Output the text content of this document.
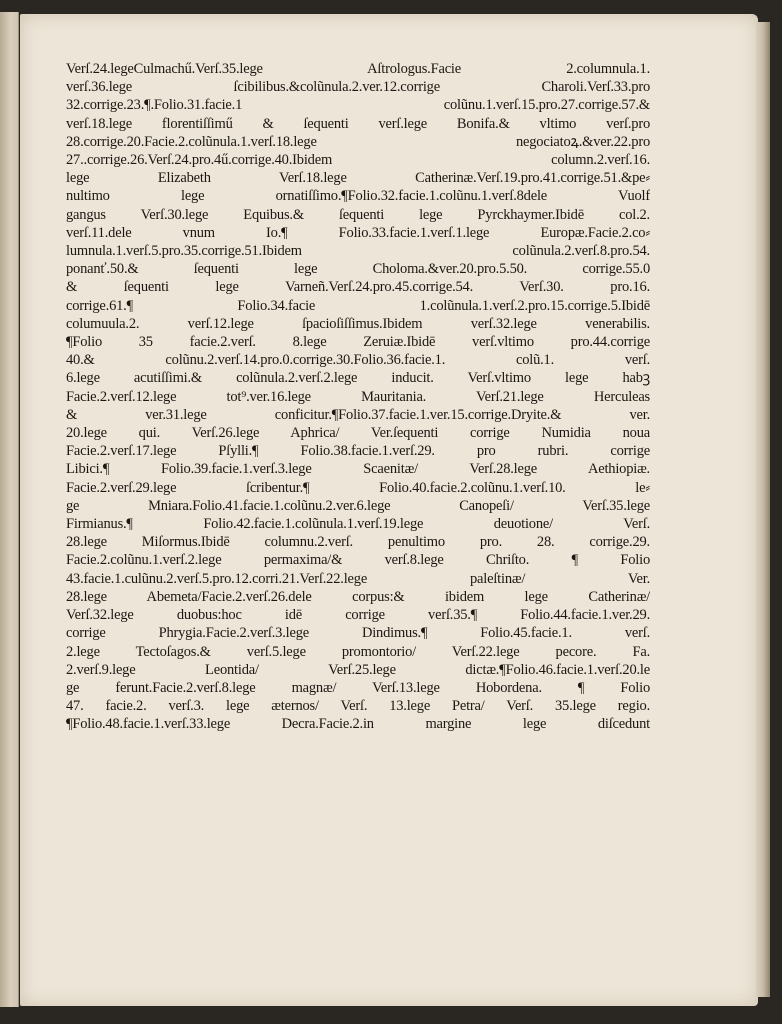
Verſ.24.legeCulmachű.Verſ.35.lege Aſtrologus.Facie 2.columnula.1.
verſ.36.lege ſcibilibus.&colũnula.2.ver.12.corrige Charoli.Verſ.33.pro
32.corrige.23.¶.Folio.31.facie.1 colũnu.1.verſ.15.pro.27.corrige.57.&
verſ.18.lege florentiſſimű & ſequenti verſ.lege Bonifa.& vltimo verſ.pro
28.corrige.20.Facie.2.colũnula.1.verſ.18.lege negociatoꝝ.&ver.22.pro
27..corrige.26.Verſ.24.pro.4ű.corrige.40.Ibidem column.2.verſ.16.
lege Elizabeth Verſ.18.lege Catherinæ.Verſ.19.pro.41.corrige.51.&pe⸗
nultimo lege ornatiſſimo.¶Folio.32.facie.1.colũnu.1.verſ.8dele Vuolf
gangus Verſ.30.lege Equibus.& ſequenti lege Pyrckhaymer.Ibidē col.2.
verſ.11.dele vnum Io.¶ Folio.33.facie.1.verſ.1.lege Europæ.Facie.2.co⸗
lumnula.1.verſ.5.pro.35.corrige.51.Ibidem colũnula.2.verſ.8.pro.54.
ponanť.50.& ſequenti lege Choloma.&ver.20.pro.5.50. corrige.55.0
& ſequenti lege Varneñ.Verſ.24.pro.45.corrige.54. Verſ.30. pro.16.
corrige.61.¶ Folio.34.facie 1.colũnula.1.verſ.2.pro.15.corrige.5.Ibidē
columuula.2. verſ.12.lege ſpacioſiſſimus.Ibidem verſ.32.lege venerabilis.
¶Folio 35 facie.2.verſ. 8.lege Zeruiæ.Ibidē verſ.vltimo pro.44.corrige
40.& colũnu.2.verſ.14.pro.0.corrige.30.Folio.36.facie.1. colũ.1. verſ.
6.lege acutiſſimi.& colũnula.2.verſ.2.lege inducit. Verſ.vltimo lege habꝫ
Facie.2.verſ.12.lege tot⁹.ver.16.lege Mauritania. Verſ.21.lege Herculeas
& ver.31.lege conficitur.¶Folio.37.facie.1.ver.15.corrige.Dryite.& ver.
20.lege qui. Verſ.26.lege Aphrica/ Ver.ſequenti corrige Numidia noua
Facie.2.verſ.17.lege Pſylli.¶ Folio.38.facie.1.verſ.29. pro rubri. corrige
Libici.¶ Folio.39.facie.1.verſ.3.lege Scaenitæ/ Verſ.28.lege Aethiopiæ.
Facie.2.verſ.29.lege ſcribentur.¶ Folio.40.facie.2.colũnu.1.verſ.10. le⸗
ge Mniara.Folio.41.facie.1.colũnu.2.ver.6.lege Canopeſi/ Verſ.35.lege
Firmianus.¶ Folio.42.facie.1.colũnula.1.verſ.19.lege deuotione/ Verſ.
28.lege Miſormus.Ibidē columnu.2.verſ. penultimo pro. 28. corrige.29.
Facie.2.colũnu.1.verſ.2.lege permaxima/& verſ.8.lege Chriſto. ¶ Folio
43.facie.1.culũnu.2.verſ.5.pro.12.corri.21.Verſ.22.lege paleſtinæ/ Ver.
28.lege Abemeta/Facie.2.verſ.26.dele corpus:& ibidem lege Catherinæ/
Verſ.32.lege duobus:hoc idē corrige verſ.35.¶ Folio.44.facie.1.ver.29.
corrige Phrygia.Facie.2.verſ.3.lege Dindimus.¶ Folio.45.facie.1. verſ.
2.lege Tectoſagos.& verſ.5.lege promontorio/ Verſ.22.lege pecore. Fa.
2.verſ.9.lege Leontida/ Verſ.25.lege dictæ.¶Folio.46.facie.1.verſ.20.le
ge ferunt.Facie.2.verſ.8.lege magnæ/ Verſ.13.lege Hobordena. ¶ Folio
47. facie.2. verſ.3. lege æternos/ Verſ. 13.lege Petra/ Verſ. 35.lege regio.
¶Folio.48.facie.1.verſ.33.lege Decra.Facie.2.in margine lege diſcedunt
